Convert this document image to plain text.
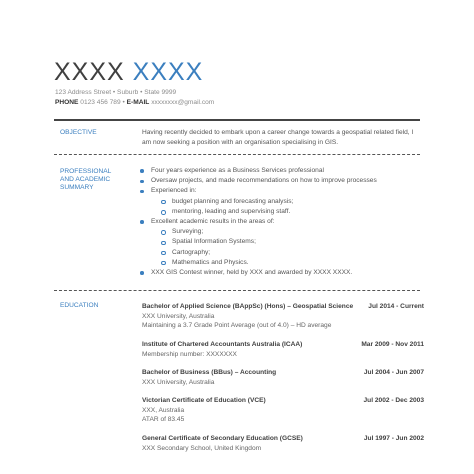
XXXX XXXX
123 Address Street • Suburb • State 9999
PHONE 0123 456 789 • E-MAIL xxxxxxxx@gmail.com
OBJECTIVE	Having recently decided to embark upon a career change towards a geospatial related field, I am now seeking a position with an organisation specialising in GIS.
PROFESSIONAL
AND ACADEMIC
SUMMARY
Four years experience as a Business Services professional
Oversaw projects, and made recommendations on how to improve processes
Experienced in:
budget planning and forecasting analysis;
mentoring, leading and supervising staff.
Excellent academic results in the areas of:
Surveying;
Spatial Information Systems;
Cartography;
Mathematics and Physics.
XXX GIS Contest winner, held by XXX and awarded by XXXX XXXX.
EDUCATION	Bachelor of Applied Science (BAppSc) (Hons) – Geospatial Science Jul 2014 - Current
XXX University, Australia
Maintaining a 3.7 Grade Point Average (out of 4.0) – HD average
Institute of Chartered Accountants Australia (ICAA)	Mar 2009 - Nov 2011
Membership number: XXXXXXX
Bachelor of Business (BBus) – Accounting	Jul 2004 - Jun 2007
XXX University, Australia
Victorian Certificate of Education (VCE)	Jul 2002 - Dec 2003
XXX, Australia
ATAR of 83.45
General Certificate of Secondary Education (GCSE)	Jul 1997 - Jun 2002
XXX Secondary School, United Kingdom
